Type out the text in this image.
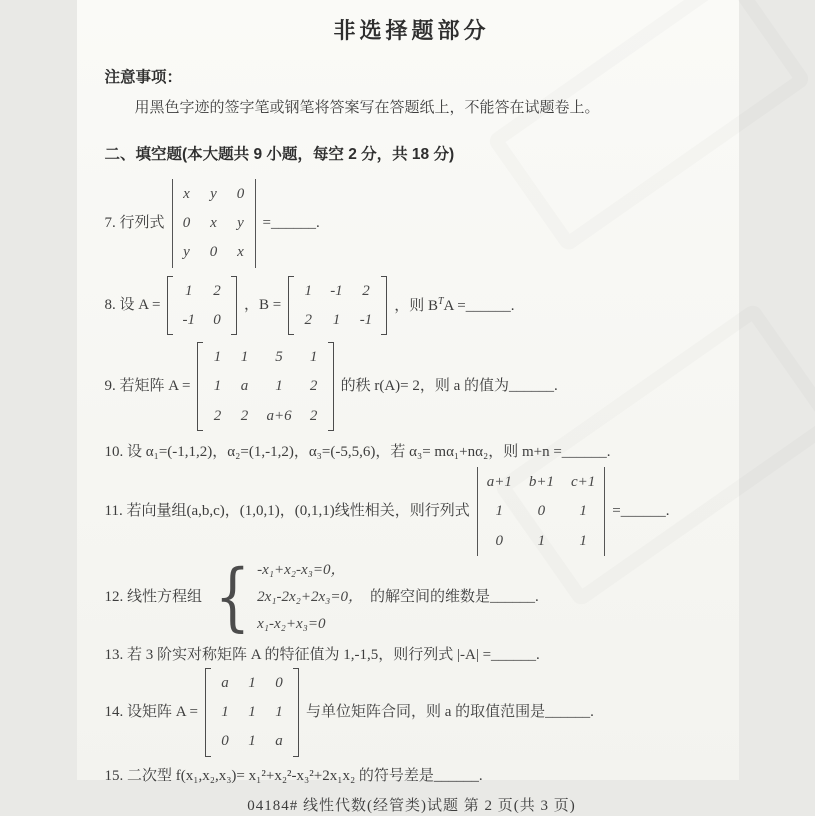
非选择题部分
注意事项：
用黑色字迹的签字笔或钢笔将答案写在答题纸上，不能答在试题卷上。
二、填空题(本大题共 9 小题，每空 2 分，共 18 分)
7. 行列式
x y 0
0 x y
y 0 x
=______.
8. 设 A =
1 2
-1 0
，B =
1 -1 2
2 1 -1
，则 $B^TA$ =______.
9. 若矩阵 A =
1 1	5	1
1 a	1	2
2 2 a+6 2
的秩 r(A)= 2，则 a 的值为______.
10. 设 α₁=(-1,1,2)，α₂=(1,-1,2)，α₃=(-5,5,6)，若 α₃= mα₁+nα₂，则 m+n =______.
11. 若向量组(a,b,c)，(1,0,1)，(0,1,1)线性相关，则行列式
a+1 b+1 c+1
1	0	1
0	1	1
=______.
12. 线性方程组 { -x₁+x₂-x₃=0，
2x₁-2x₂+2x₃=0，
x₁-x₂+x₃=0
的解空间的维数是______.
13. 若 3 阶实对称矩阵 A 的特征值为 1,-1,5，则行列式 |-A| =______.
14. 设矩阵 A =
a 1 0
1 1 1
0 1 a
与单位矩阵合同，则 a 的取值范围是______.
15. 二次型 f(x₁,x₂,x₃)= x₁²+x₂²-x₃²+2x₁x₂ 的符号差是______.
04184# 线性代数(经管类)试题 第 2 页(共 3 页)
